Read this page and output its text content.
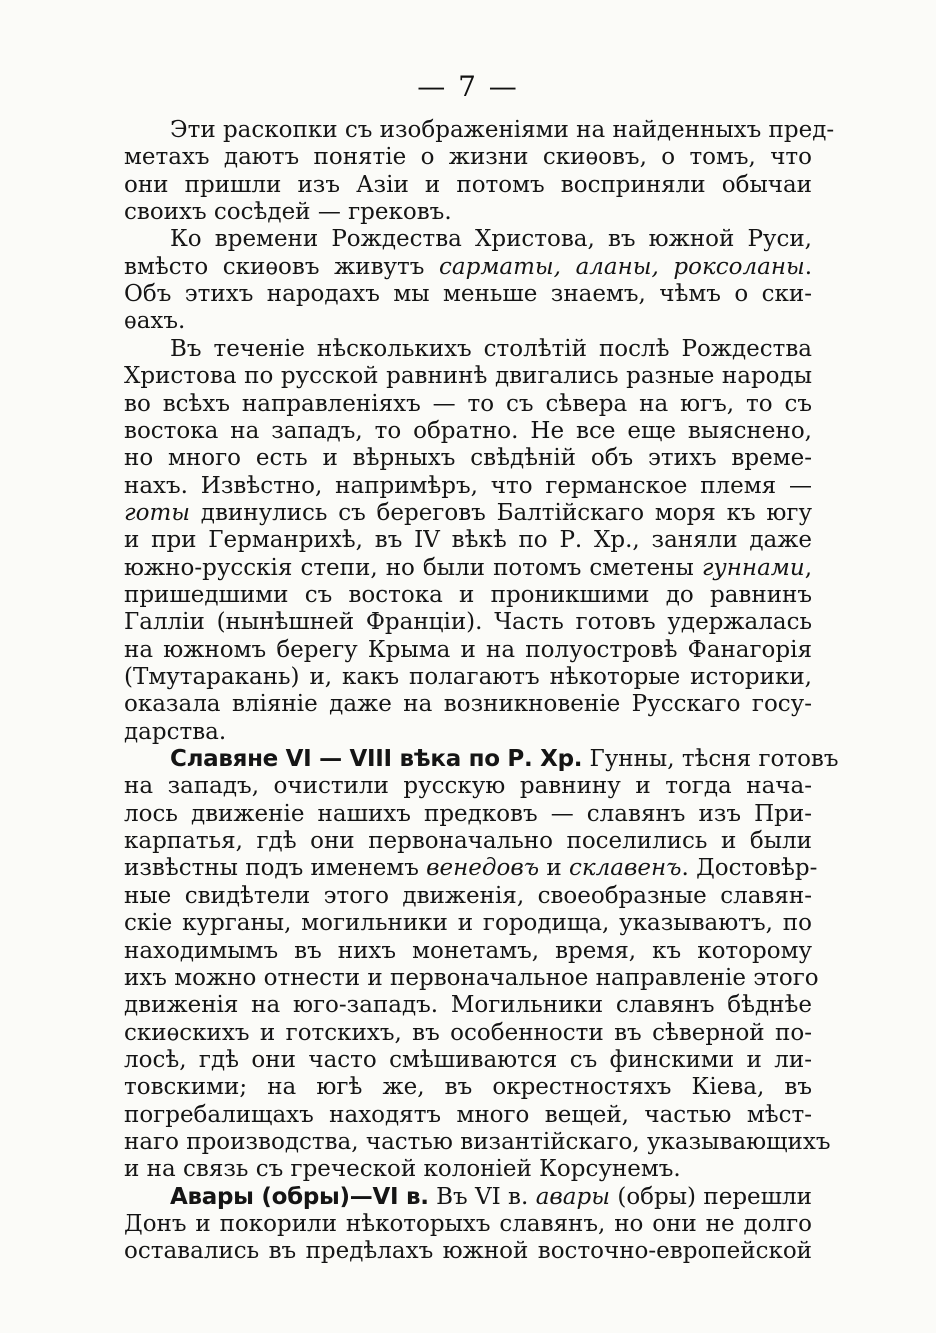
— 7 —
Эти раскопки съ изображеніями на найденныхъ пред-
метахъ даютъ понятіе о жизни скиѳовъ, о томъ, что
они пришли изъ Азіи и потомъ восприняли обычаи
своихъ сосѣдей — грековъ.
Ко времени Рождества Христова, въ южной Руси,
вмѣсто скиѳовъ живутъ сарматы, аланы, роксоланы.
Объ этихъ народахъ мы меньше знаемъ, чѣмъ о ски-
ѳахъ.
Въ теченіе нѣсколькихъ столѣтій послѣ Рождества
Христова по русской равнинѣ двигались разные народы
во всѣхъ направленіяхъ — то съ сѣвера на югъ, то съ
востока на западъ, то обратно. Не все еще выяснено,
но много есть и вѣрныхъ свѣдѣній объ этихъ време-
нахъ. Извѣстно, напримѣръ, что германское племя —
готы двинулись съ береговъ Балтійскаго моря къ югу
и при Германрихѣ, въ IV вѣкѣ по Р. Хр., заняли даже
южно-русскія степи, но были потомъ сметены гуннами,
пришедшими съ востока и проникшими до равнинъ
Галліи (нынѣшней Франціи). Часть готовъ удержалась
на южномъ берегу Крыма и на полуостровѣ Фанагорія
(Тмутаракань) и, какъ полагаютъ нѣкоторые историки,
оказала вліяніе даже на возникновеніе Русскаго госу-
дарства.
Славяне VI — VIII вѣка по Р. Хр. Гунны, тѣсня готовъ
на западъ, очистили русскую равнину и тогда нача-
лось движеніе нашихъ предковъ — славянъ изъ При-
карпатья, гдѣ они первоначально поселились и были
извѣстны подъ именемъ венедовъ и склавенъ. Достовѣр-
ные свидѣтели этого движенія, своеобразные славян-
скіе курганы, могильники и городища, указываютъ, по
находимымъ въ нихъ монетамъ, время, къ которому
ихъ можно отнести и первоначальное направленіе этого
движенія на юго-западъ. Могильники славянъ бѣднѣе
скиѳскихъ и готскихъ, въ особенности въ сѣверной по-
лосѣ, гдѣ они часто смѣшиваются съ финскими и ли-
товскими; на югѣ же, въ окрестностяхъ Кіева, въ
погребалищахъ находятъ много вещей, частью мѣст-
наго производства, частью византійскаго, указывающихъ
и на связь съ греческой колоніей Корсунемъ.
Авары (обры)—VI в. Въ VI в. авары (обры) перешли
Донъ и покорили нѣкоторыхъ славянъ, но они не долго
оставались въ предѣлахъ южной восточно-европейской
